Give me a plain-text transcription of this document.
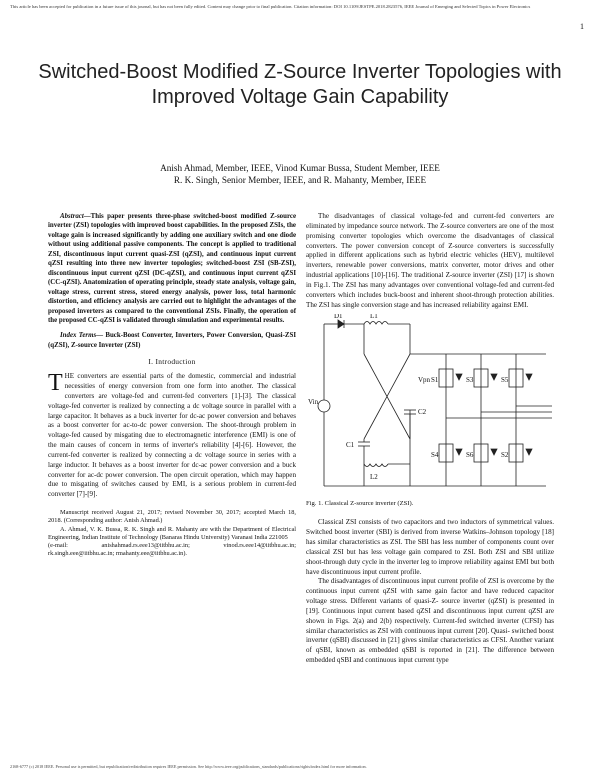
This article has been accepted for publication in a future issue of this journal, but has not been fully edited. Content may change prior to final publication. Citation information: DOI 10.1109/JESTPE.2018.2823576, IEEE Journal of Emerging and Selected Topics in Power Electronics
1
Switched-Boost Modified Z-Source Inverter Topologies with Improved Voltage Gain Capability
Anish Ahmad, Member, IEEE, Vinod Kumar Bussa, Student Member, IEEE
R. K. Singh, Senior Member, IEEE, and R. Mahanty, Member, IEEE

Abstract—This paper presents three-phase switched-boost modified Z-source inverter (ZSI) topologies with improved boost capabilities. In the proposed ZSIs, the voltage gain is increased significantly by adding one auxiliary switch and one diode without using additional passive components. The concept is applied to traditional ZSI, discontinuous input current quasi-ZSI (qZSI), and continuous input current qZSI resulting into three new inverter topologies; switched-boost ZSI (SB-ZSI), discontinuous input current qZSI (DC-qZSI), and continuous input current qZSI (CC-qZSI). Anatomization of operating principle, steady state analysis, voltage gain, voltage stress, current stress, stored energy analysis, power loss, total harmonic distortion, and efficiency analysis are carried out to highlight the advantages of the proposed inverters as compared to the conventional ZSIs. Finally, the operation of the proposed CC-qZSI is validated through simulation and experimental results.

Index Terms— Buck-Boost Converter, Inverters, Power Conversion, Quasi-ZSI (qZSI), Z-source Inverter (ZSI)

I. Introduction

THE converters are essential parts of the domestic, commercial and industrial necessities of energy conversion from one form into another. The classical converters are voltage-fed and current-fed converters [1]-[3]. The classical voltage-fed converter is realized by connecting a dc voltage source in parallel with a large capacitor. It behaves as a buck inverter for dc-ac power conversion and behaves as a boost converter for ac-to-dc power conversion. The shoot-through problem in voltage-fed caused by misgating due to electromagnetic interference (EMI) is one of the main causes of concern in terms of inverter's reliability [4]-[6]. However, the current-fed converter is realized by connecting a dc voltage source in series with a large inductor. It behaves as a boost inverter for dc-ac power conversion and a buck converter for ac-dc power conversion. The open circuit operation, which may happen due to misgating of switches caused by EMI, is a serious problem in current-fed converter [7]-[9].

Manuscript received August 21, 2017; revised November 30, 2017; accepted March 18, 2018. (Corresponding author: Anish Ahmad.)

A. Ahmad, V. K. Bussa, R. K. Singh and R. Mahanty are with the Department of Electrical Engineering, Indian Institute of Technology (Banaras Hindu University) Varanasi India 221005

(e-mail: anishahmad.rs.eee13@iitbhu.ac.in; vinod.rs.eee14@iitbhu.ac.in; rk.singh.eee@iitbhu.ac.in; rmahanty.eee@iitbhu.ac.in).

The disadvantages of classical voltage-fed and current-fed converters are eliminated by impedance source network. The Z-source converters are one of the most promising converter topologies which overcome the disadvantages of classical converters. The power conversion concept of Z-source converters is successfully applied in different applications such as hybrid electric vehicles (HEV), multilevel inverters, renewable power conversions, matrix converter, motor drives and other industrial applications [10]-[16]. The traditional Z-source inverter (ZSI) [17] is shown in Fig.1. The ZSI has many advantages over conventional voltage-fed and current-fed converters which includes buck-boost and inherent shoot-through protection abilities. The ZSI has single conversion stage and has increased reliability against EMI.

D1	L1
L2
C1
C2
Vin
Vpn S1	S3	S5
S4	S6	S2

Fig. 1. Classical Z-source inverter (ZSI).

Classical ZSI consists of two capacitors and two inductors of symmetrical values. Switched boost inverter (SBI) is derived from inverse Watkins–Johnson topology [18] has similar characteristics as ZSI. The SBI has less number of components count over classical ZSI but has less voltage gain compared to ZSI. Both ZSI and SBI utilize shoot-through duty cycle in the inverter leg to improve reliability against EMI but both have discontinuous input current profile.

The disadvantages of discontinuous input current profile of ZSI is overcome by the continuous input current qZSI with same gain factor and have reduced capacitor voltage stress. Different variants of quasi-Z- source inverter (qZSI) is presented in [19]. Continuous input current based qZSI and discontinuous input current qZSI are shown in Figs. 2(a) and 2(b) respectively. Current-fed switched inverter (CFSI) has similar characteristics as ZSI with continuous input current [20]. Quasi- switched boost inverter (qSBI) discussed in [21] gives similar characteristics as CFSI. Another variant of qSBI, known as embedded qSBI is reported in [21]. The difference between embedded qSBI and continuous input current type

2168-6777 (c) 2018 IEEE. Personal use is permitted, but republication/redistribution requires IEEE permission. See http://www.ieee.org/publications_standards/publications/rights/index.html for more information.
